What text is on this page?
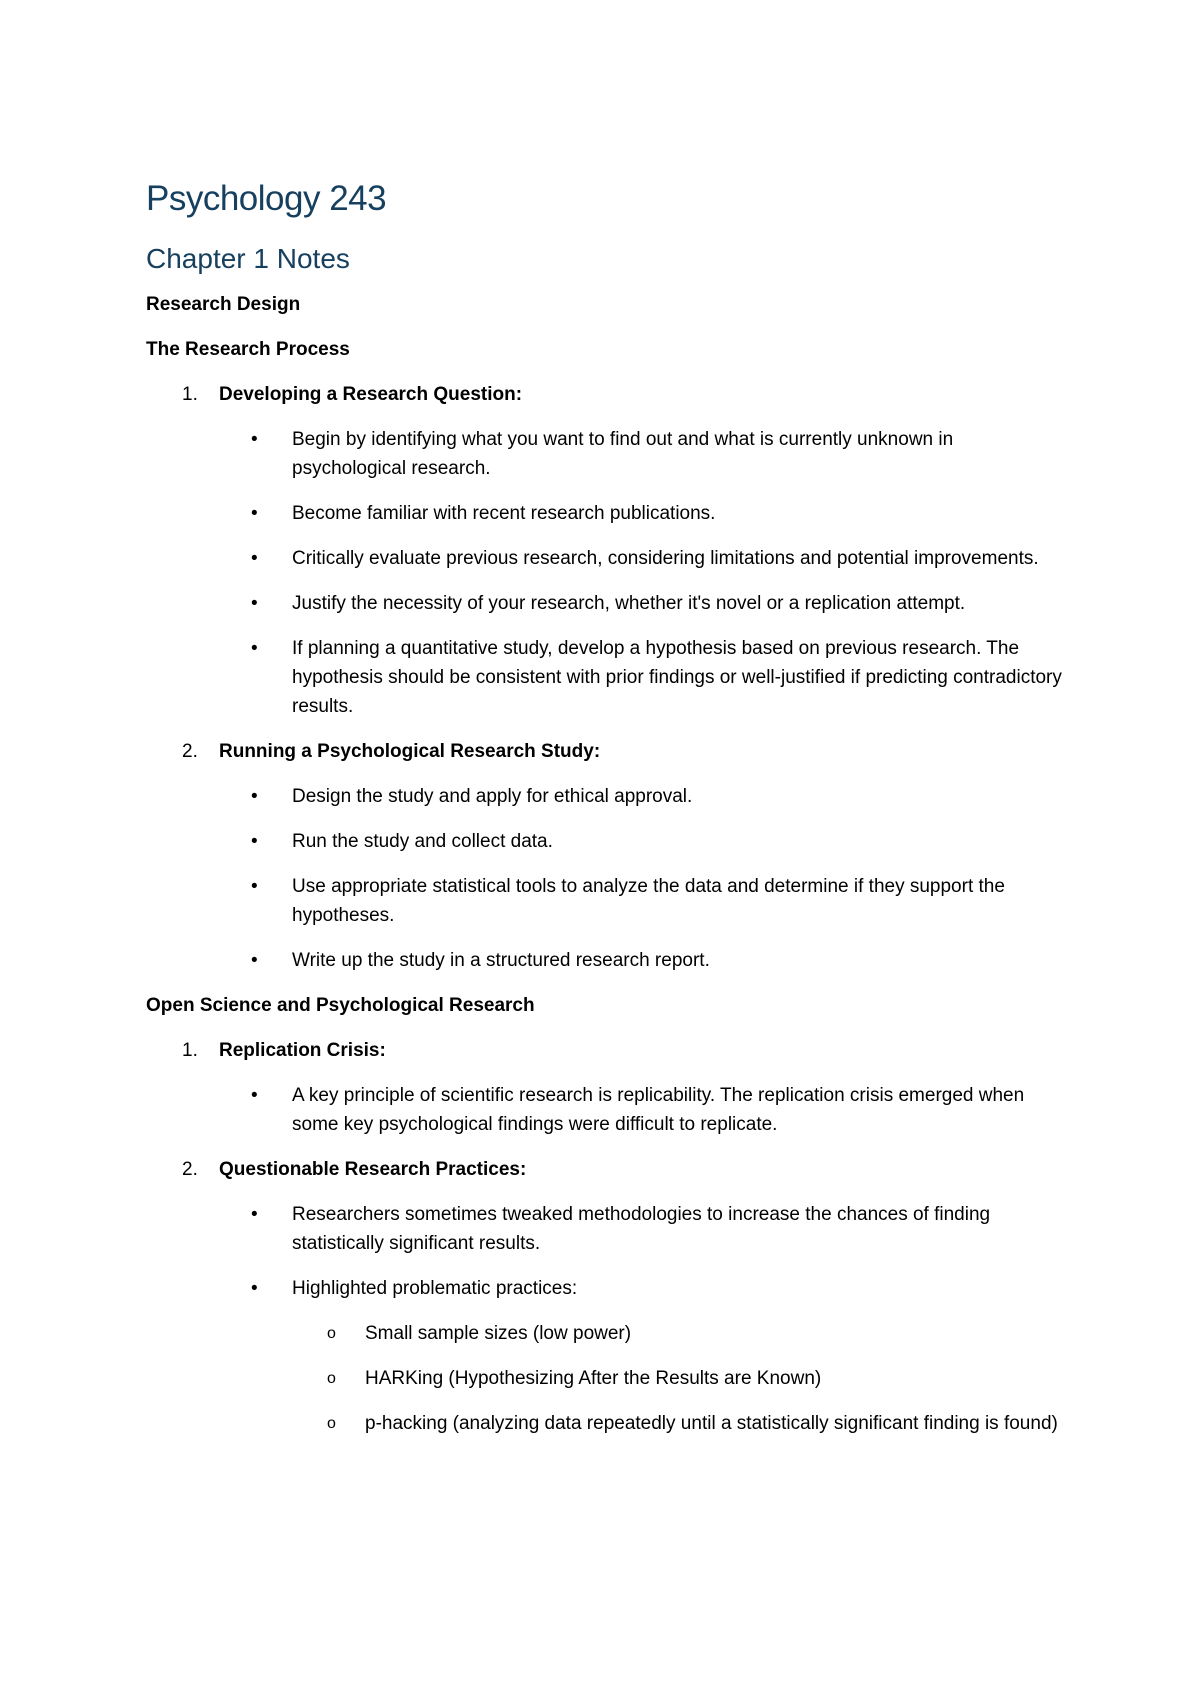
Psychology 243
Chapter 1 Notes

Research Design

The Research Process

1. Developing a Research Question:
• Begin by identifying what you want to find out and what is currently unknown in psychological research.
• Become familiar with recent research publications.
• Critically evaluate previous research, considering limitations and potential improvements.
• Justify the necessity of your research, whether it's novel or a replication attempt.
• If planning a quantitative study, develop a hypothesis based on previous research. The hypothesis should be consistent with prior findings or well-justified if predicting contradictory results.
2. Running a Psychological Research Study:
• Design the study and apply for ethical approval.
• Run the study and collect data.
• Use appropriate statistical tools to analyze the data and determine if they support the hypotheses.
• Write up the study in a structured research report.

Open Science and Psychological Research

1. Replication Crisis:
• A key principle of scientific research is replicability. The replication crisis emerged when some key psychological findings were difficult to replicate.
2. Questionable Research Practices:
• Researchers sometimes tweaked methodologies to increase the chances of finding statistically significant results.
• Highlighted problematic practices:
o Small sample sizes (low power)
o HARKing (Hypothesizing After the Results are Known)
o p-hacking (analyzing data repeatedly until a statistically significant finding is found)
